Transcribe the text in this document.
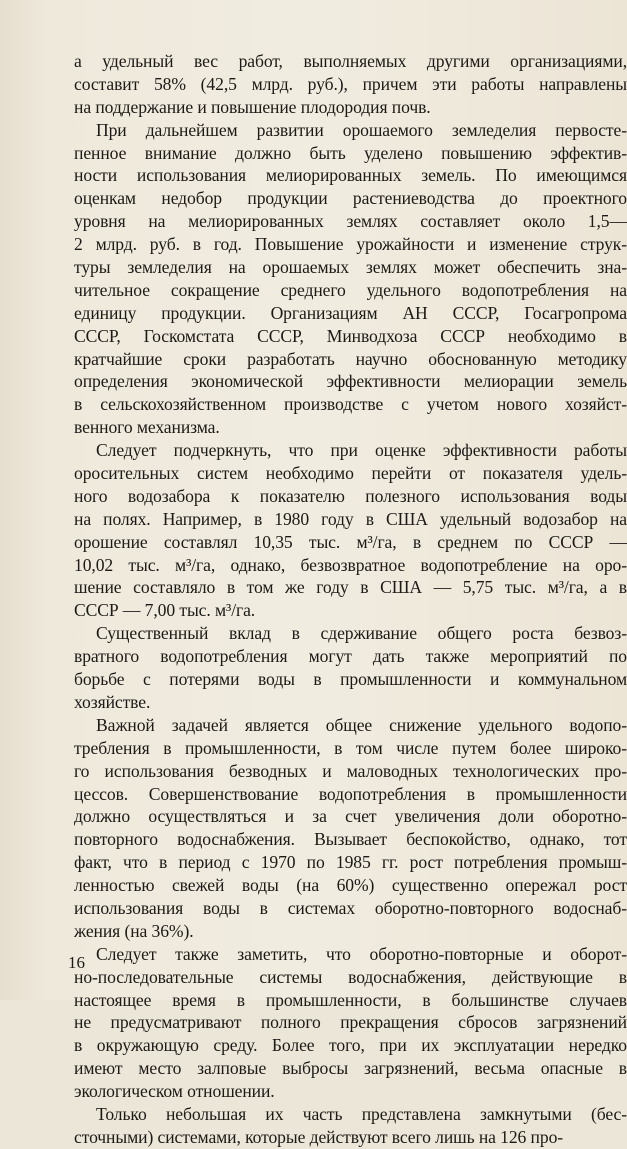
а удельный вес работ, выполняемых другими организациями,
составит 58% (42,5 млрд. руб.), причем эти работы направлены
на поддержание и повышение плодородия почв.
При дальнейшем развитии орошаемого земледелия первосте-
пенное внимание должно быть уделено повышению эффектив-
ности использования мелиорированных земель. По имеющимся
оценкам недобор продукции растениеводства до проектного
уровня на мелиорированных землях составляет около 1,5—
2 млрд. руб. в год. Повышение урожайности и изменение струк-
туры земледелия на орошаемых землях может обеспечить зна-
чительное сокращение среднего удельного водопотребления на
единицу продукции. Организациям АН СССР, Госагропрома
СССР, Госкомстата СССР, Минводхоза СССР необходимо в
кратчайшие сроки разработать научно обоснованную методику
определения экономической эффективности мелиорации земель
в сельскохозяйственном производстве с учетом нового хозяйст-
венного механизма.
Следует подчеркнуть, что при оценке эффективности работы
оросительных систем необходимо перейти от показателя удель-
ного водозабора к показателю полезного использования воды
на полях. Например, в 1980 году в США удельный водозабор на
орошение составлял 10,35 тыс. м³/га, в среднем по СССР —
10,02 тыс. м³/га, однако, безвозвратное водопотребление на оро-
шение составляло в том же году в США — 5,75 тыс. м³/га, а в
СССР — 7,00 тыс. м³/га.
Существенный вклад в сдерживание общего роста безвоз-
вратного водопотребления могут дать также мероприятий по
борьбе с потерями воды в промышленности и коммунальном
хозяйстве.
Важной задачей является общее снижение удельного водопо-
требления в промышленности, в том числе путем более широко-
го использования безводных и маловодных технологических про-
цессов. Совершенствование водопотребления в промышленности
должно осуществляться и за счет увеличения доли оборотно-
повторного водоснабжения. Вызывает беспокойство, однако, тот
факт, что в период с 1970 по 1985 гг. рост потребления промыш-
ленностью свежей воды (на 60%) существенно опережал рост
использования воды в системах оборотно-повторного водоснаб-
жения (на 36%).
Следует также заметить, что оборотно-повторные и оборот-
но-последовательные системы водоснабжения, действующие в
настоящее время в промышленности, в большинстве случаев
не предусматривают полного прекращения сбросов загрязнений
в окружающую среду. Более того, при их эксплуатации нередко
имеют место залповые выбросы загрязнений, весьма опасные в
экологическом отношении.
Только небольшая их часть представлена замкнутыми (бес-
сточными) системами, которые действуют всего лишь на 126 про-
16
